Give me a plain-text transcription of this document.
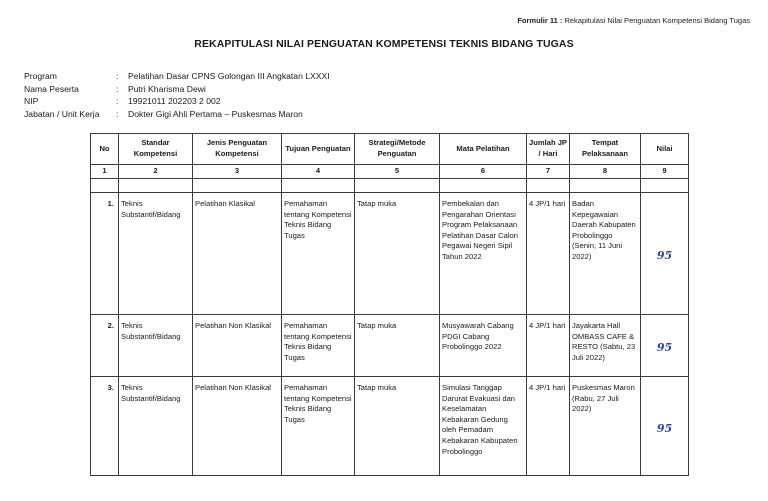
Formulir 11 : Rekapitulasi Nilai Penguatan Kompetensi Bidang Tugas
REKAPITULASI NILAI PENGUATAN KOMPETENSI TEKNIS BIDANG TUGAS
Program	:	Pelatihan Dasar CPNS Golongan III Angkatan LXXXI
Nama Peserta	:	Putri Kharisma Dewi
NIP	:	19921011 202203 2 002
Jabatan / Unit Kerja	:	Dokter Gigi Ahli Pertama – Puskesmas Maron
No	Standar Kompetensi	Jenis Penguatan Kompetensi	Tujuan Penguatan	Strategi/Metode Penguatan	Mata Pelatihan	Jumlah JP / Hari	Tempat Pelaksanaan	Nilai
1	2	3	4	5	6	7	8	9

1.	Teknis Substantif/Bidang	Pelatihan Klasikal	Pemahaman tentang Kompetensi Teknis Bidang Tugas	Tatap muka	Pembekalan dan Pengarahan Orientasi Program Pelaksanaan Pelatihan Dasar Calon Pegawai Negeri Sipil Tahun 2022	4 JP/1 hari	Badan Kepegawaian Daerah Kabupaten Probolinggo (Senin, 11 Juni 2022)	95
2.	Teknis Substantif/Bidang	Pelatihan Non Klasikal	Pemahaman tentang Kompetensi Teknis Bidang Tugas	Tatap muka	Musyawarah Cabang PDGI Cabang Probolinggo 2022	4 JP/1 hari	Jayakarta Hall OMBASS CAFE & RESTO (Sabtu, 23 Juli 2022)	95
3.	Teknis Substantif/Bidang	Pelatihan Non Klasikal	Pemahaman tentang Kompetensi Teknis Bidang Tugas	Tatap muka	Simulasi Tanggap Darurat Evakuasi dan Keselamatan Kebakaran Gedung oleh Pemadam Kebakaran Kabupaten Probolinggo	4 JP/1 hari	Puskesmas Maron (Rabu, 27 Juli 2022)	95
